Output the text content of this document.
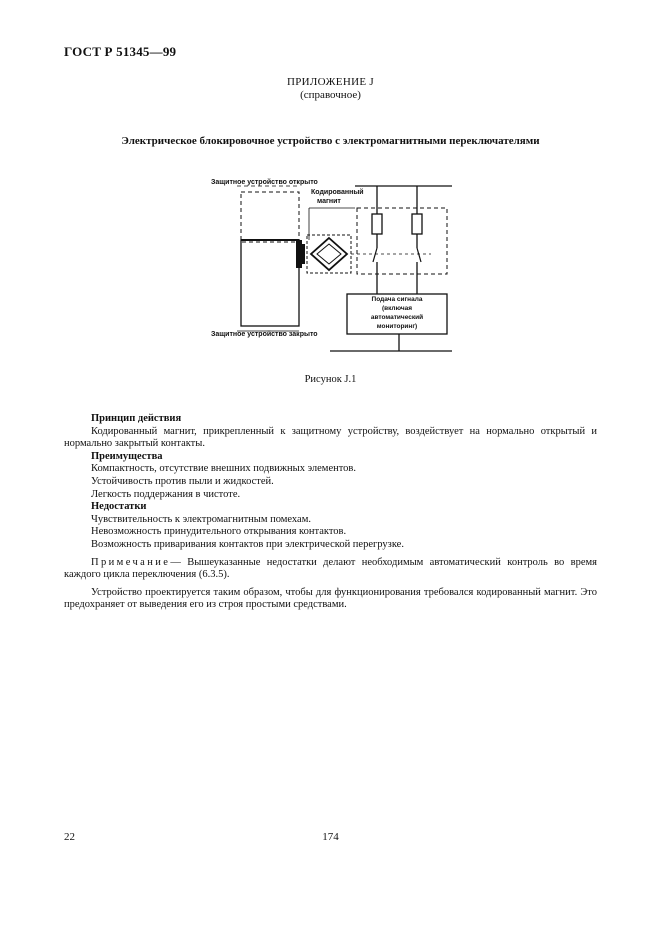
ГОСТ Р 51345—99
ПРИЛОЖЕНИЕ J
(справочное)
Электрическое блокировочное устройство с электромагнитными переключателями
Защитное устройство открыто
Кодированный
магнит
Защитное устройство закрыто
Подача сигнала
(включая
автоматический
мониторинг)
Рисунок J.1

Принцип действия

Кодированный магнит, прикрепленный к защитному устройству, воздействует на нормально открытый и нормально закрытый контакты.

Преимущества

Компактность, отсутствие внешних подвижных элементов.

Устойчивость против пыли и жидкостей.

Легкость поддержания в чистоте.

Недостатки

Чувствительность к электромагнитным помехам.

Невозможность принудительного открывания контактов.

Возможность приваривания контактов при электрической перегрузке.

Примечание— Вышеуказанные недостатки делают необходимым автоматический контроль во время каждого цикла переключения (6.3.5).

Устройство проектируется таким образом, чтобы для функционирования требовался кодированный магнит. Это предохраняет от выведения его из строя простыми средствами.

22	174
